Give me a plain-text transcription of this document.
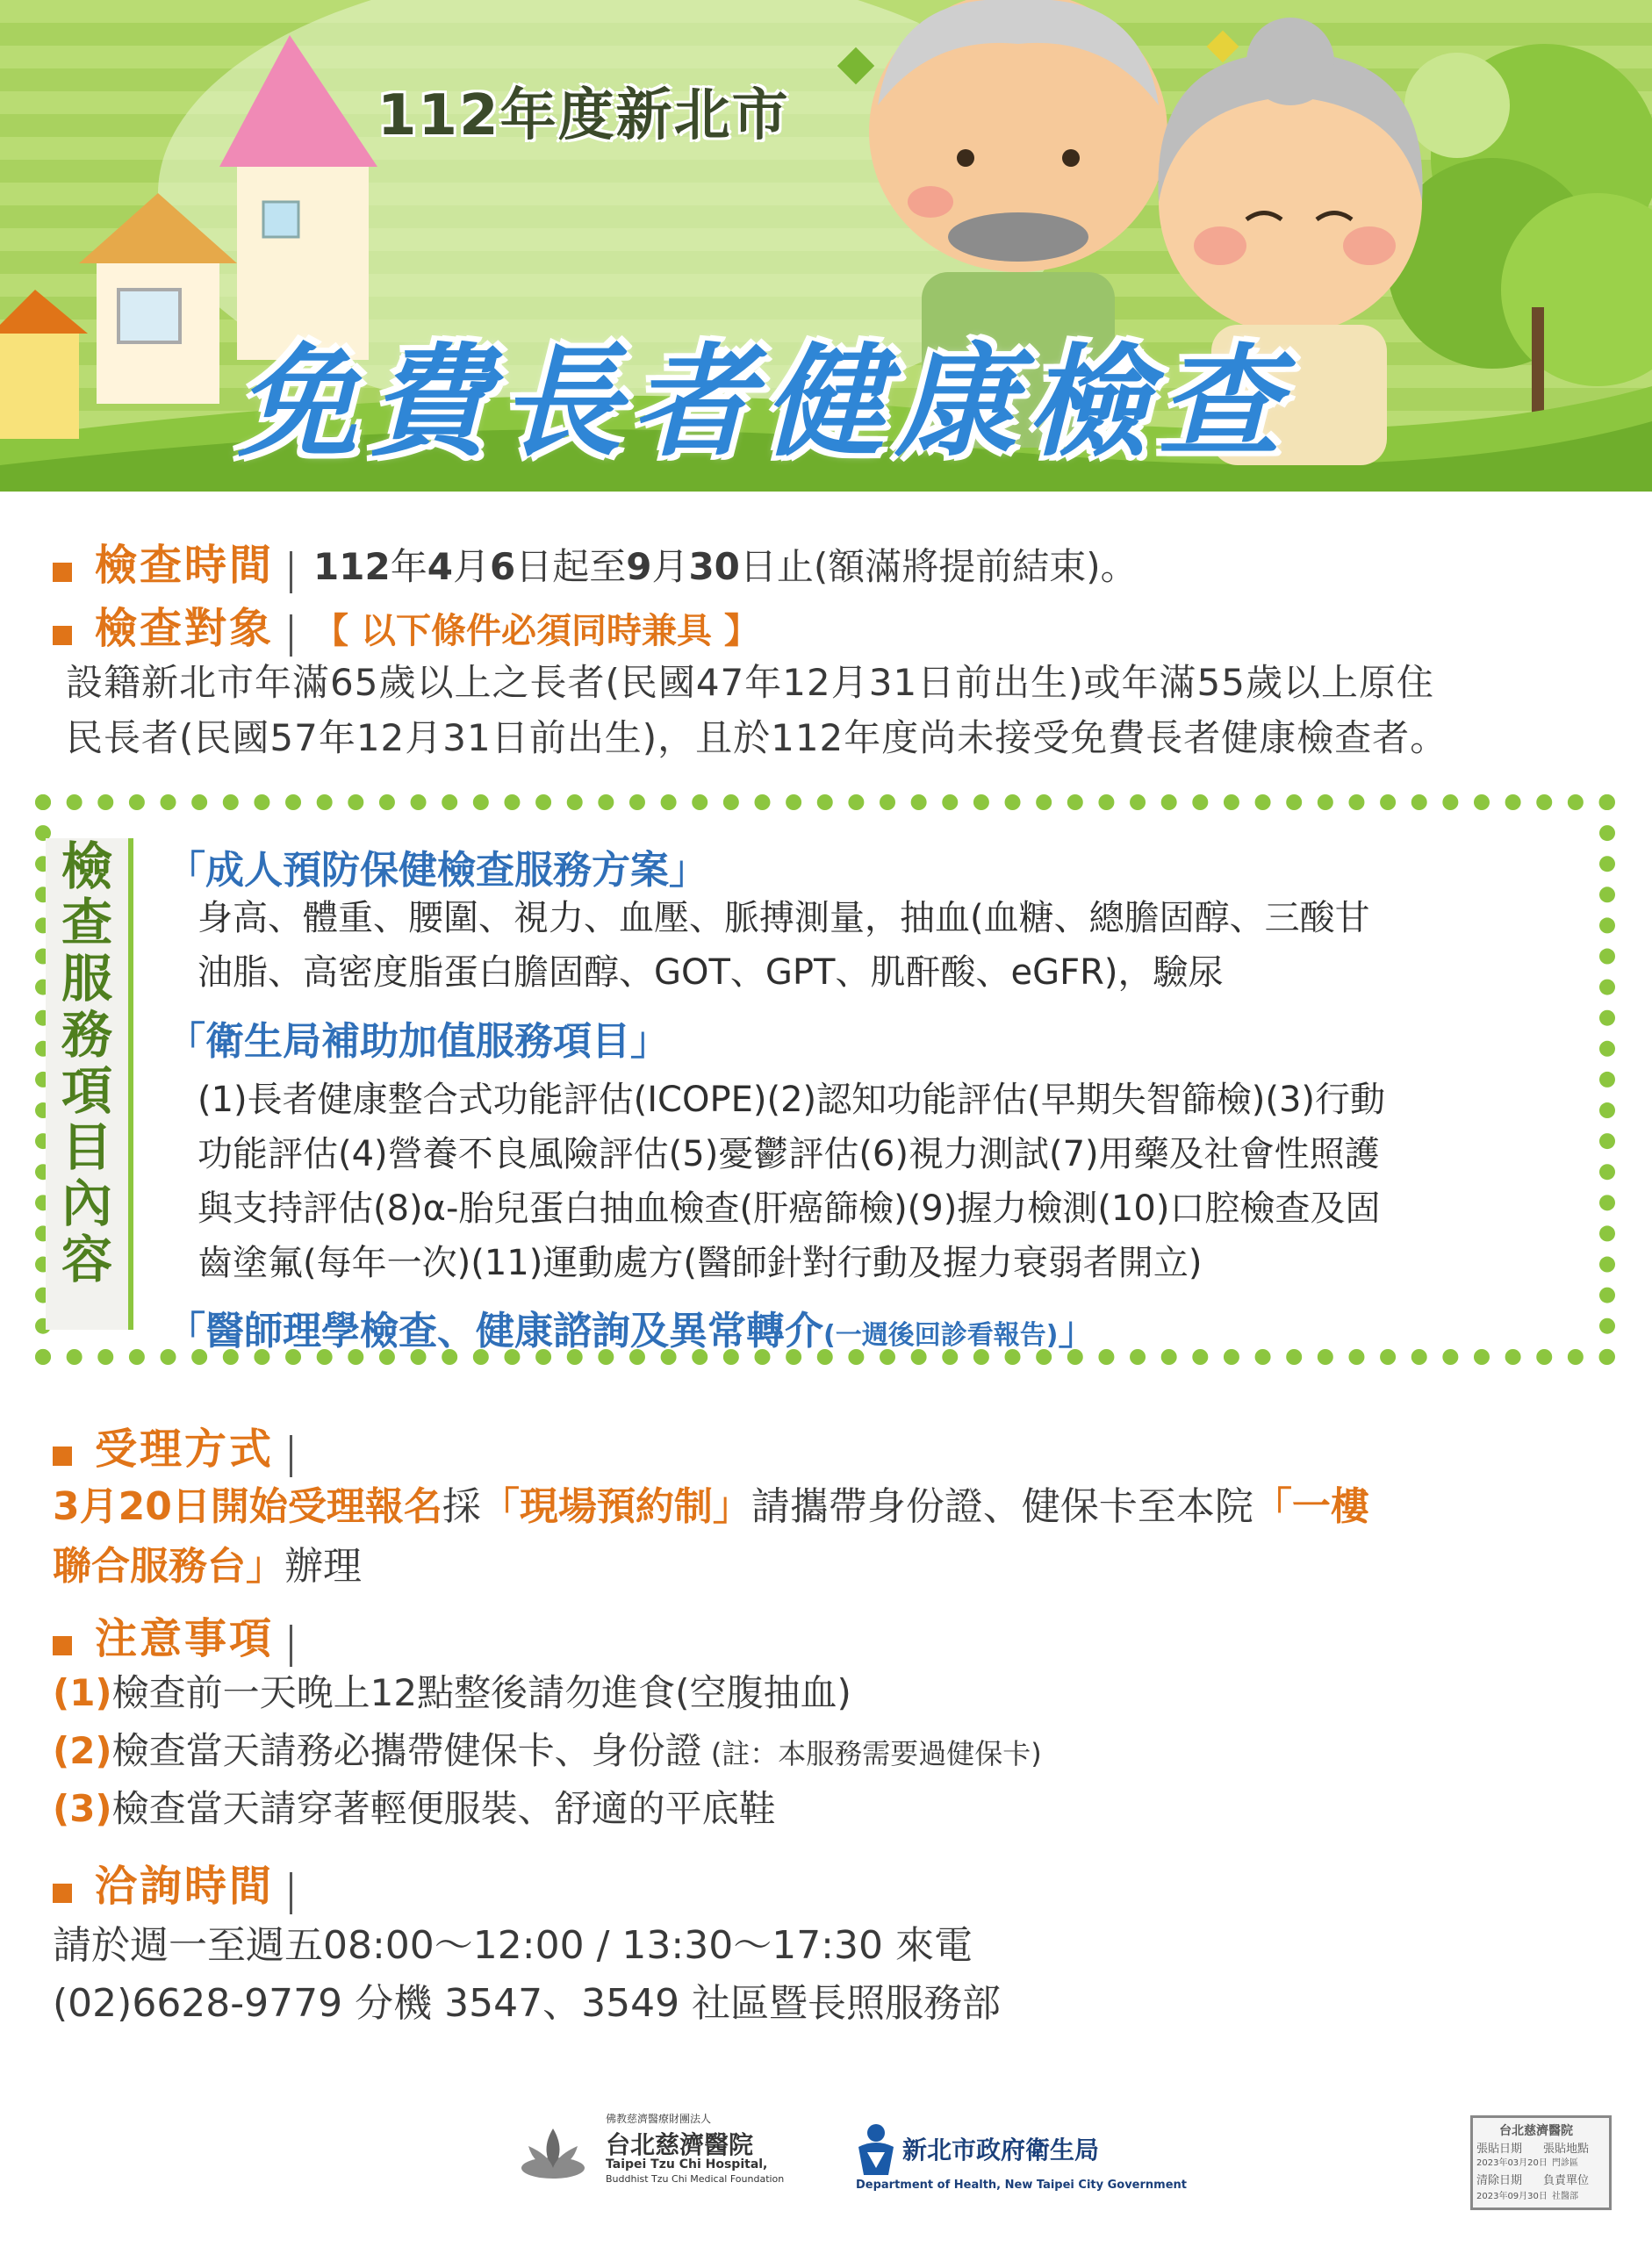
112年度新北市
免費長者健康檢查
檢查時間 112年4月6日起至9月30日止(額滿將提前結束)。
檢查對象 【 以下條件必須同時兼具 】
設籍新北市年滿65歲以上之長者(民國47年12月31日前出生)或年滿55歲以上原住
民長者(民國57年12月31日前出生)，且於112年度尚未接受免費長者健康檢查者。
檢
查
服
務
項
目
內
容
「成人預防保健檢查服務方案」
身高、體重、腰圍、視力、血壓、脈搏測量，抽血(血糖、總膽固醇、三酸甘
油脂、高密度脂蛋白膽固醇、GOT、GPT、肌酐酸、eGFR)，驗尿
「衛生局補助加值服務項目」
(1)長者健康整合式功能評估(ICOPE)(2)認知功能評估(早期失智篩檢)(3)行動
功能評估(4)營養不良風險評估(5)憂鬱評估(6)視力測試(7)用藥及社會性照護
與支持評估(8)α-胎兒蛋白抽血檢查(肝癌篩檢)(9)握力檢測(10)口腔檢查及固
齒塗氟(每年一次)(11)運動處方(醫師針對行動及握力衰弱者開立)
「醫師理學檢查、健康諮詢及異常轉介(一週後回診看報告)」
受理方式
3月20日開始受理報名採「現場預約制」請攜帶身份證、健保卡至本院「一樓
聯合服務台」辦理
注意事項
(1)檢查前一天晚上12點整後請勿進食(空腹抽血)
(2)檢查當天請務必攜帶健保卡、身份證 (註：本服務需要過健保卡)
(3)檢查當天請穿著輕便服裝、舒適的平底鞋
洽詢時間
請於週一至週五08:00～12:00 / 13:30～17:30 來電
(02)6628-9779 分機 3547、3549 社區暨長照服務部
佛教慈濟醫療財團法人
台北慈濟醫院
Taipei Tzu Chi Hospital,
Buddhist Tzu Chi Medical Foundation
新北市政府衛生局
Department of Health, New Taipei City Government
台北慈濟醫院
張貼日期 張貼地點
2023年03月20日 門診區
清除日期 負責單位
2023年09月30日 社醫部
